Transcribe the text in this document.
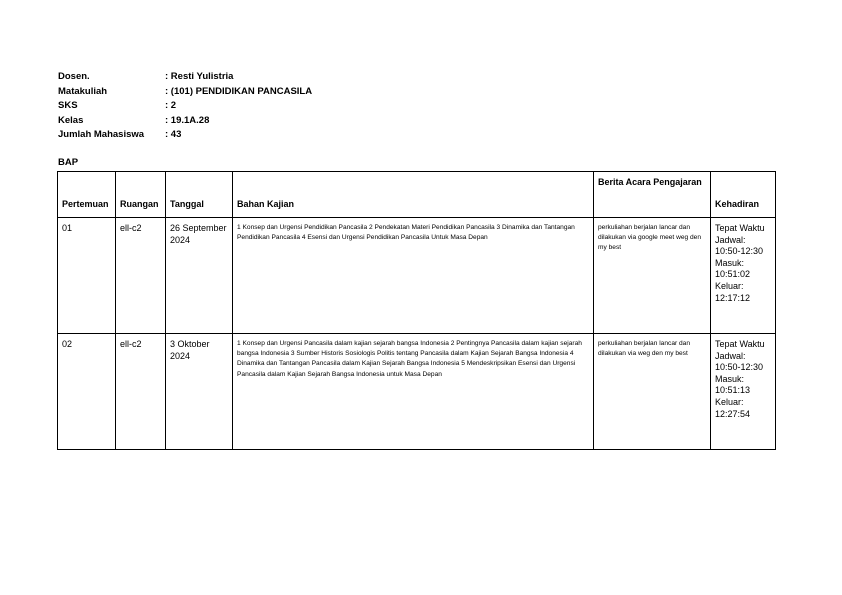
Dosen.	: Resti Yulistria
Matakuliah	: (101) PENDIDIKAN PANCASILA
SKS	: 2
Kelas	: 19.1A.28
Jumlah Mahasiswa	: 43
BAP
Pertemuan	Ruangan	Tanggal	Bahan Kajian	Berita Acara Pengajaran	Kehadiran
01	ell-c2	26 September 2024	1 Konsep dan Urgensi Pendidikan Pancasila 2 Pendekatan Materi Pendidikan Pancasila 3 Dinamika dan Tantangan Pendidikan Pancasila 4 Esensi dan Urgensi Pendidikan Pancasila Untuk Masa Depan	perkuliahan berjalan lancar dan dilakukan via google meet weg den my best	Tepat Waktu Jadwal: 10:50-12:30 Masuk: 10:51:02 Keluar: 12:17:12
02	ell-c2	3 Oktober 2024	1 Konsep dan Urgensi Pancasila dalam kajian sejarah bangsa Indonesia 2 Pentingnya Pancasila dalam kajian sejarah bangsa Indonesia 3 Sumber Historis Sosiologis Politis tentang Pancasila dalam Kajian Sejarah Bangsa Indonesia 4 Dinamika dan Tantangan Pancasila dalam Kajian Sejarah Bangsa Indonesia 5 Mendeskripsikan Esensi dan Urgensi Pancasila dalam Kajian Sejarah Bangsa Indonesia untuk Masa Depan	perkuliahan berjalan lancar dan dilakukan via weg den my best	Tepat Waktu Jadwal: 10:50-12:30 Masuk: 10:51:13 Keluar: 12:27:54
